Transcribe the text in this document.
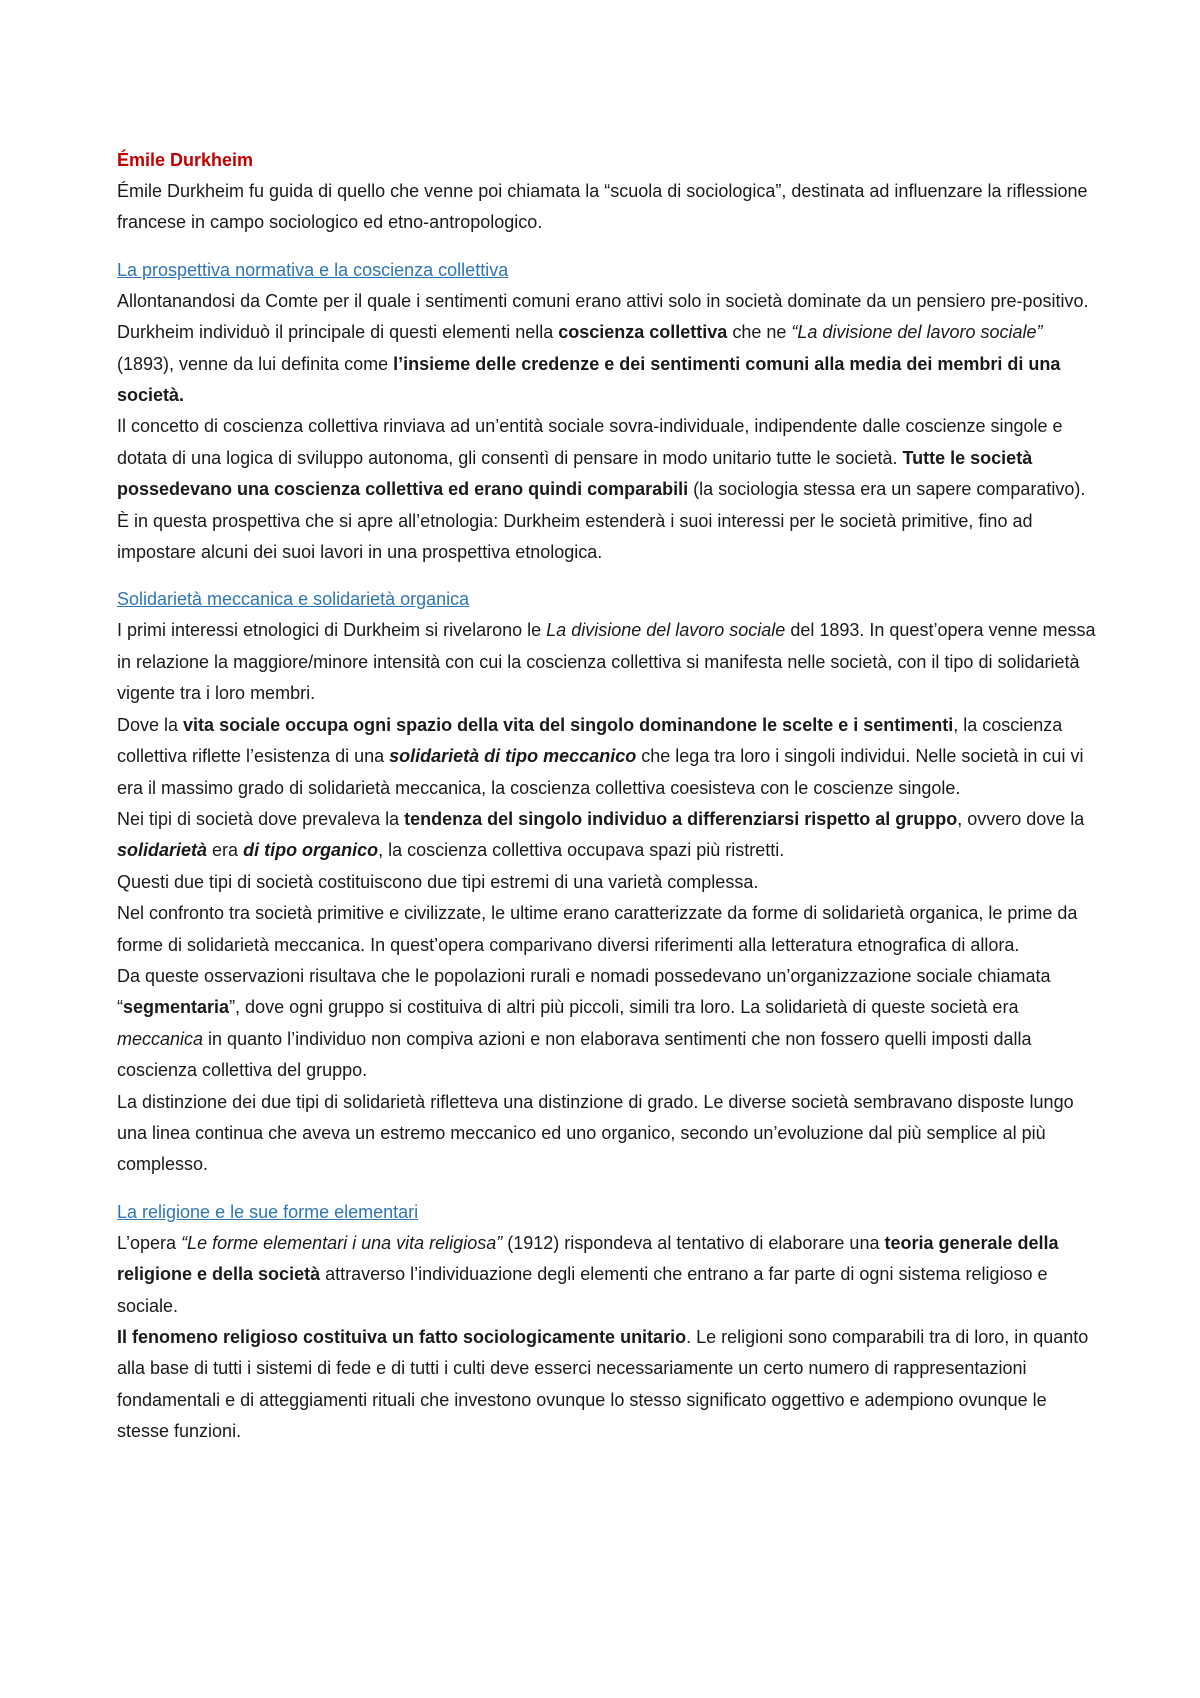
Émile Durkheim

Émile Durkheim fu guida di quello che venne poi chiamata la “scuola di sociologica”, destinata ad influenzare la riflessione francese in campo sociologico ed etno-antropologico.

La prospettiva normativa e la coscienza collettiva

Allontanandosi da Comte per il quale i sentimenti comuni erano attivi solo in società dominate da un pensiero pre-positivo. Durkheim individuò il principale di questi elementi nella coscienza collettiva che ne “La divisione del lavoro sociale” (1893), venne da lui definita come l’insieme delle credenze e dei sentimenti comuni alla media dei membri di una società.

Il concetto di coscienza collettiva rinviava ad un’entità sociale sovra-individuale, indipendente dalle coscienze singole e dotata di una logica di sviluppo autonoma, gli consentì di pensare in modo unitario tutte le società. Tutte le società possedevano una coscienza collettiva ed erano quindi comparabili (la sociologia stessa era un sapere comparativo).

È in questa prospettiva che si apre all’etnologia: Durkheim estenderà i suoi interessi per le società primitive, fino ad impostare alcuni dei suoi lavori in una prospettiva etnologica.

Solidarietà meccanica e solidarietà organica

I primi interessi etnologici di Durkheim si rivelarono le La divisione del lavoro sociale del 1893. In quest’opera venne messa in relazione la maggiore/minore intensità con cui la coscienza collettiva si manifesta nelle società, con il tipo di solidarietà vigente tra i loro membri.

Dove la vita sociale occupa ogni spazio della vita del singolo dominandone le scelte e i sentimenti, la coscienza collettiva riflette l’esistenza di una solidarietà di tipo meccanico che lega tra loro i singoli individui. Nelle società in cui vi era il massimo grado di solidarietà meccanica, la coscienza collettiva coesisteva con le coscienze singole.

Nei tipi di società dove prevaleva la tendenza del singolo individuo a differenziarsi rispetto al gruppo, ovvero dove la solidarietà era di tipo organico, la coscienza collettiva occupava spazi più ristretti.

Questi due tipi di società costituiscono due tipi estremi di una varietà complessa.

Nel confronto tra società primitive e civilizzate, le ultime erano caratterizzate da forme di solidarietà organica, le prime da forme di solidarietà meccanica. In quest’opera comparivano diversi riferimenti alla letteratura etnografica di allora.

Da queste osservazioni risultava che le popolazioni rurali e nomadi possedevano un’organizzazione sociale chiamata “segmentaria”, dove ogni gruppo si costituiva di altri più piccoli, simili tra loro. La solidarietà di queste società era meccanica in quanto l’individuo non compiva azioni e non elaborava sentimenti che non fossero quelli imposti dalla coscienza collettiva del gruppo.

La distinzione dei due tipi di solidarietà rifletteva una distinzione di grado. Le diverse società sembravano disposte lungo una linea continua che aveva un estremo meccanico ed uno organico, secondo un’evoluzione dal più semplice al più complesso.

La religione e le sue forme elementari

L’opera “Le forme elementari i una vita religiosa” (1912) rispondeva al tentativo di elaborare una teoria generale della religione e della società attraverso l’individuazione degli elementi che entrano a far parte di ogni sistema religioso e sociale.

Il fenomeno religioso costituiva un fatto sociologicamente unitario. Le religioni sono comparabili tra di loro, in quanto alla base di tutti i sistemi di fede e di tutti i culti deve esserci necessariamente un certo numero di rappresentazioni fondamentali e di atteggiamenti rituali che investono ovunque lo stesso significato oggettivo e adempiono ovunque le stesse funzioni.
